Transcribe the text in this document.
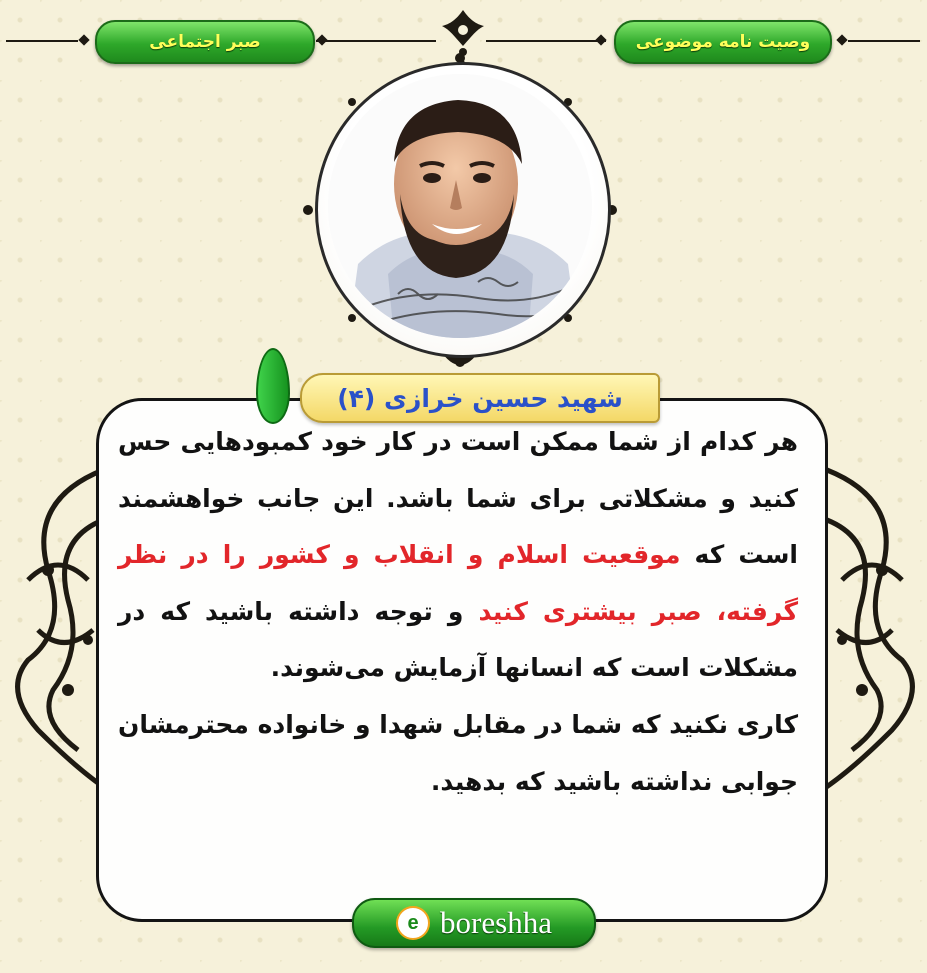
صبر اجتماعی	وصیت نامه موضوعی
شهید حسین خرازی (۴)
هر کدام از شما ممکن است در کار خود کمبودهایی حس کنید و مشکلاتی برای شما باشد. این جانب خواهشمند است که موقعیت اسلام و انقلاب و کشور را در نظر گرفته، صبر بیشتری کنید و توجه داشته باشید که در مشکلات است که انسانها آزمایش می‌شوند.
کاری نکنید که شما در مقابل شهدا و خانواده محترمشان جوابی نداشته باشید که بدهید.
e boreshha
